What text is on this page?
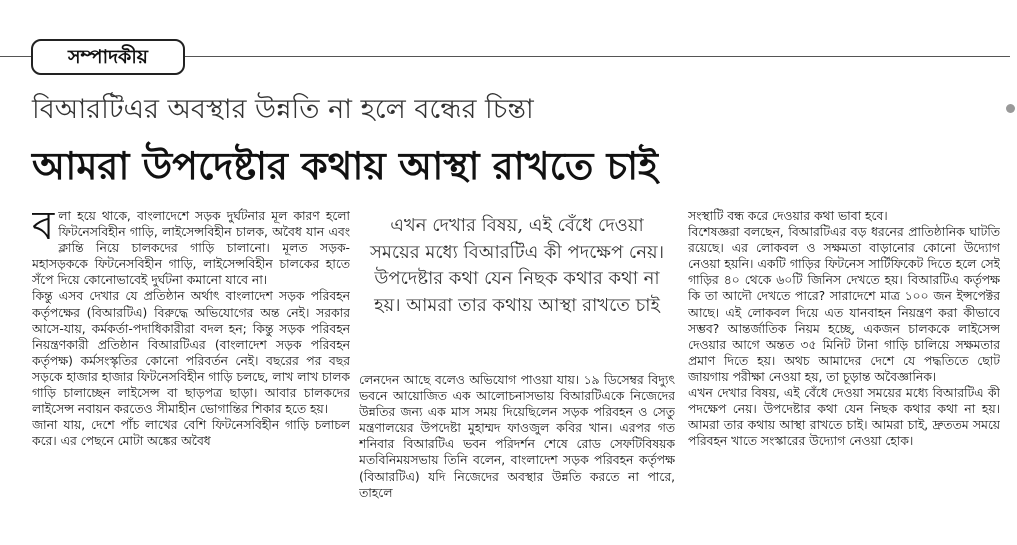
সম্পাদকীয়
বিআরটিএর অবস্থার উন্নতি না হলে বন্ধের চিন্তা
আমরা উপদেষ্টার কথায় আস্থা রাখতে চাই

বলা হয়ে থাকে, বাংলাদেশে সড়ক দুর্ঘটনার মূল কারণ হলো ফিটনেসবিহীন গাড়ি, লাইসেন্সবিহীন চালক, অবৈধ যান এবং ক্লান্তি নিয়ে চালকদের গাড়ি চালানো। মূলত সড়ক-মহাসড়ককে ফিটনেসবিহীন গাড়ি, লাইসেন্সবিহীন চালকের হাতে সঁপে দিয়ে কোনোভাবেই দুর্ঘটনা কমানো যাবে না।

কিন্তু এসব দেখার যে প্রতিষ্ঠান অর্থাৎ বাংলাদেশ সড়ক পরিবহন কর্তৃপক্ষের (বিআরটিএ) বিরুদ্ধে অভিযোগের অন্ত নেই। সরকার আসে-যায়, কর্মকর্তা-পদাধিকারীরা বদল হন; কিন্তু সড়ক পরিবহন নিয়ন্ত্রণকারী প্রতিষ্ঠান বিআরটিএর (বাংলাদেশ সড়ক পরিবহন কর্তৃপক্ষ) কর্মসংস্কৃতির কোনো পরিবর্তন নেই। বছরের পর বছর সড়কে হাজার হাজার ফিটনেসবিহীন গাড়ি চলছে, লাখ লাখ চালক গাড়ি চালাচ্ছেন লাইসেন্স বা ছাড়পত্র ছাড়া। আবার চালকদের লাইসেন্স নবায়ন করতেও সীমাহীন ভোগান্তির শিকার হতে হয়।

জানা যায়, দেশে পাঁচ লাখের বেশি ফিটনেসবিহীন গাড়ি চলাচল করে। এর পেছনে মোটা অঙ্কের অবৈধ

এখন দেখার বিষয়, এই বেঁধে দেওয়া সময়ের মধ্যে বিআরটিএ কী পদক্ষেপ নেয়। উপদেষ্টার কথা যেন নিছক কথার কথা না হয়। আমরা তার কথায় আস্থা রাখতে চাই

লেনদেন আছে বলেও অভিযোগ পাওয়া যায়। ১৯ ডিসেম্বর বিদ্যুৎ ভবনে আয়োজিত এক আলোচনাসভায় বিআরটিএকে নিজেদের উন্নতির জন্য এক মাস সময় দিয়েছিলেন সড়ক পরিবহন ও সেতু মন্ত্রণালয়ের উপদেষ্টা মুহাম্মদ ফাওজুল কবির খান। এরপর গত শনিবার বিআরটিএ ভবন পরিদর্শন শেষে রোড সেফটিবিষয়ক মতবিনিময়সভায় তিনি বলেন, বাংলাদেশ সড়ক পরিবহন কর্তৃপক্ষ (বিআরটিএ) যদি নিজেদের অবস্থার উন্নতি করতে না পারে, তাহলে

সংস্থাটি বন্ধ করে দেওয়ার কথা ভাবা হবে।

বিশেষজ্ঞরা বলছেন, বিআরটিএর বড় ধরনের প্রাতিষ্ঠানিক ঘাটতি রয়েছে। এর লোকবল ও সক্ষমতা বাড়ানোর কোনো উদ্যোগ নেওয়া হয়নি। একটি গাড়ির ফিটনেস সার্টিফিকেট দিতে হলে সেই গাড়ির ৪০ থেকে ৬০টি জিনিস দেখতে হয়। বিআরটিএ কর্তৃপক্ষ কি তা আদৌ দেখতে পারে? সারাদেশে মাত্র ১০০ জন ইন্সপেক্টর আছে। এই লোকবল দিয়ে এত যানবাহন নিয়ন্ত্রণ করা কীভাবে সম্ভব? আন্তর্জাতিক নিয়ম হচ্ছে, একজন চালককে লাইসেন্স দেওয়ার আগে অন্তত ৩৫ মিনিট টানা গাড়ি চালিয়ে সক্ষমতার প্রমাণ দিতে হয়। অথচ আমাদের দেশে যে পদ্ধতিতে ছোট জায়গায় পরীক্ষা নেওয়া হয়, তা চূড়ান্ত অবৈজ্ঞানিক।

এখন দেখার বিষয়, এই বেঁধে দেওয়া সময়ের মধ্যে বিআরটিএ কী পদক্ষেপ নেয়। উপদেষ্টার কথা যেন নিছক কথার কথা না হয়। আমরা তার কথায় আস্থা রাখতে চাই। আমরা চাই, দ্রুততম সময়ে পরিবহন খাতে সংস্কারের উদ্যোগ নেওয়া হোক।
